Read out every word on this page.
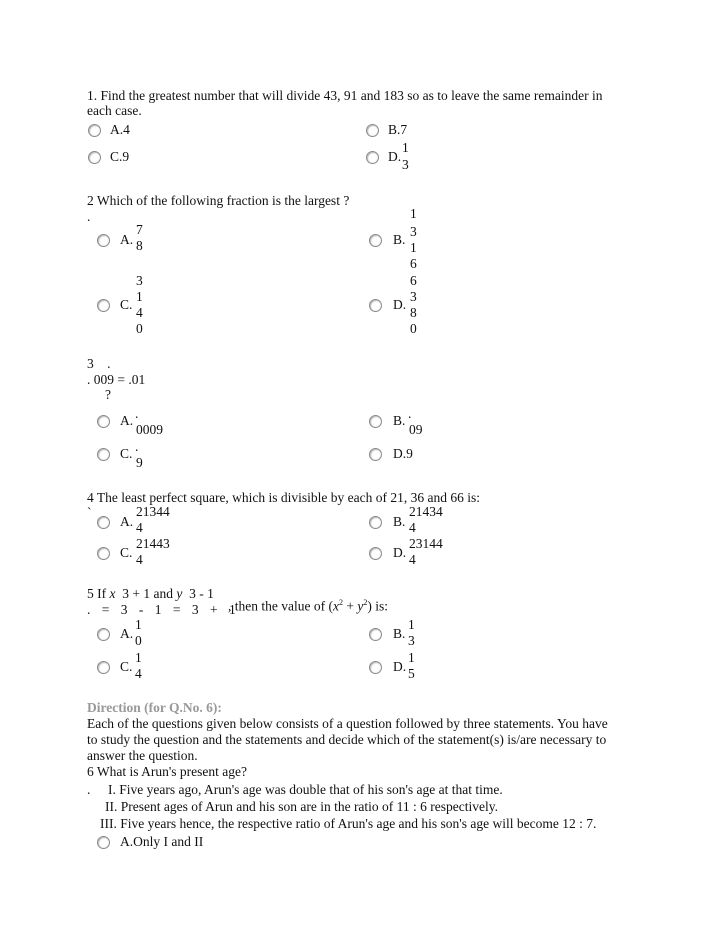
1. Find the greatest number that will divide 43, 91 and 183 so as to leave the same remainder in
each case.
A.4	B.7
C.9	D.
1
3
2 Which of the following fraction is the largest ?
.
A.
7
8	B.
1
3
1
6
C.
3
1
4
0
D.
6
3
8
0
3 .
. 009 = .01
?
A. .
0009
B. .
09
C. .
9
D.9
4 The least perfect square, which is divisible by each of 21, 36 and 66 is:
`
A.
21344
4	B.
21434
4
C.
21443
4	D.
23144
4
5 If x 3 + 1 and y 3 - 1
. = 3 - 1 = 3 + 1
, then the value of $(x^2 + y^2)$ is:
A.
1
0	B.
1
3
C.
1
4	D.
1
5
Direction (for Q.No. 6):
Each of the questions given below consists of a question followed by three statements. You have
to study the question and the statements and decide which of the statement(s) is/are necessary to
answer the question.
6 What is Arun's present age?
. I. Five years ago, Arun's age was double that of his son's age at that time.
II. Present ages of Arun and his son are in the ratio of 11 : 6 respectively.
III. Five years hence, the respective ratio of Arun's age and his son's age will become 12 : 7.
A.Only I and II
